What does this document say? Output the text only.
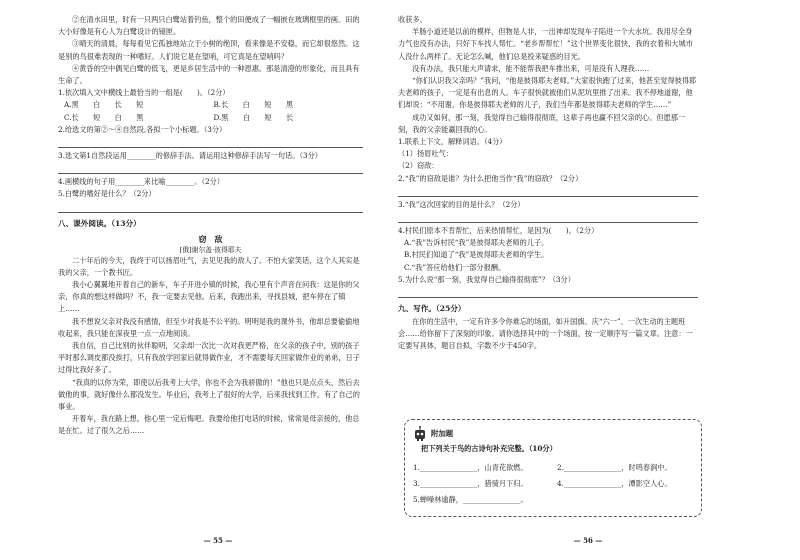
②在清水田里，时有一只两只白鹭站着钓鱼，整个的田便成了一幅嵌在玻璃框里的画。田的大小好像是有心人为白鹭设计的镜匣。

③晴天的清晨，每每看见它孤独地站立于小树的绝顶，看来像是不安稳，而它却很悠然。这是别的鸟很难表现的一种嗜好。人们说它是在望哨，可它真是在望哨吗？

④黄昏的空中偶见白鹭的低飞，更是乡居生活中的一种恩惠。那是清澄的形象化，而且具有生命了。

1.依次填入文中横线上最恰当的一组是(　　)。（2分）

A.黑　　白　　长　　短	B.长　　白　　短　　黑
C.长　　短　　白　　黑	D.黑　　白　　短　　长

2.给选文的第②～④自然段,各拟一个小标题。（3分）

3.选文第1自然段运用________的修辞手法。请运用这种修辞手法写一句话。（3分）

4.画横线的句子用________来比喻________。（2分）

5.白鹭的嗜好是什么？（2分）

八、课外阅读。（13分）
窃　敌
[俄]谢尔盖·彼得耶夫

二十年后的今天，我终于可以扬眉吐气，去见见我的敌人了。不怕大家笑话，这个人其实是我的父亲，一个教书匠。

我小心翼翼地开着自己的新车，车子开进小镇的时候，我心里有个声音在问我：这是你的父亲，你真的想这样做吗？不，我一定要去见他。后来，我跑出来，寻找县城，把车停在了镇上……

我不想说父亲对我没有感情，但至少对我是不公平的。明明是我的课外书，他却总要偷偷地收起来，我只能在深夜里一点一点地阅读。

我自信，自己比别的伙伴聪明，父亲却一次比一次对我更严格，在父亲的孩子中，别的孩子平时那么调皮都没挨打，只有我放学回家后就得做作业，才不需要每天回家做作业的弟弟，日子过得比我好多了。

“我真的以你为荣，即使以后我考上大学，你也不会为我骄傲的！”他也只是点点头，然后去做他的事，就好像什么都没发生。毕业后，我考上了很好的大学，后来我找到工作，有了自己的事业。

开着车，我在路上想，他心里一定后悔吧。我要给他打电话的时候，常常是母亲接的，他总是在忙。过了很久之后……

— 55 —

收获多。

羊肠小道还是以前的模样，但物是人非，一出神却发现车子陷进一个大水坑。我用尽全身力气也没有办法，只好下车找人帮忙。“老乡帮帮忙！”这个世界变化很快，我的衣着和大城市人没什么两样了。无论怎么喊，他们总是投来疑惑的目光。

没有办法，我只能大声请求，能不能帮我把车推出来，可是没有人理我……

“你们认识我父亲吗？”我问，“他是彼得耶夫老师。”大家很快跑了过来，他甚至觉得彼得耶夫老师的孩子，一定是有出息的人。车子很快就被他们从泥坑里推了出来。我不停地道谢，他们却说：“不用谢，你是彼得耶夫老师的儿子，我们当年都是彼得耶夫老师的学生……”

成功又如何，那一刻，我觉得自己输得很彻底，这辈子再也赢不回父亲的心。但愿那一刻，我的父亲能赢回我的心。

1.联系上下文，解释词语。（4分）

（1）扬眉吐气：

（2）窃敌：

2.“我”的窃敌是谁？为什么把他当作“我”的窃敌？（2分）

3.“我”这次回家的目的是什么？（2分）

4.村民们原本不肯帮忙，后来热情帮忙，是因为(　　)。（2分）

A.“我”告诉村民“我”是彼得耶夫老师的儿子。

B.村民们知道了“我”是彼得耶夫老师的学生。

C.“我”答应给他们一部分报酬。

5.为什么说“那一刻，我觉得自己输得很彻底”？（3分）

九、写作。（25分）

在你的生活中，一定有许多令你难忘的场面，如升国旗、庆“六一”、一次生动的主题班会……给你留下了深刻的印象。请你选择其中的一个场面，按一定顺序写一篇文章。注意：一定要写具体，题目自拟，字数不少于450字。

附加题
把下列关于鸟的古诗句补充完整。（10分）
1.________________，山青花欲燃。	2.________________，时鸣春涧中。
3.________________，猎骑月下归。	4.________________，潭影空人心。
5.蝉噪林逾静，________________。
— 56 —
